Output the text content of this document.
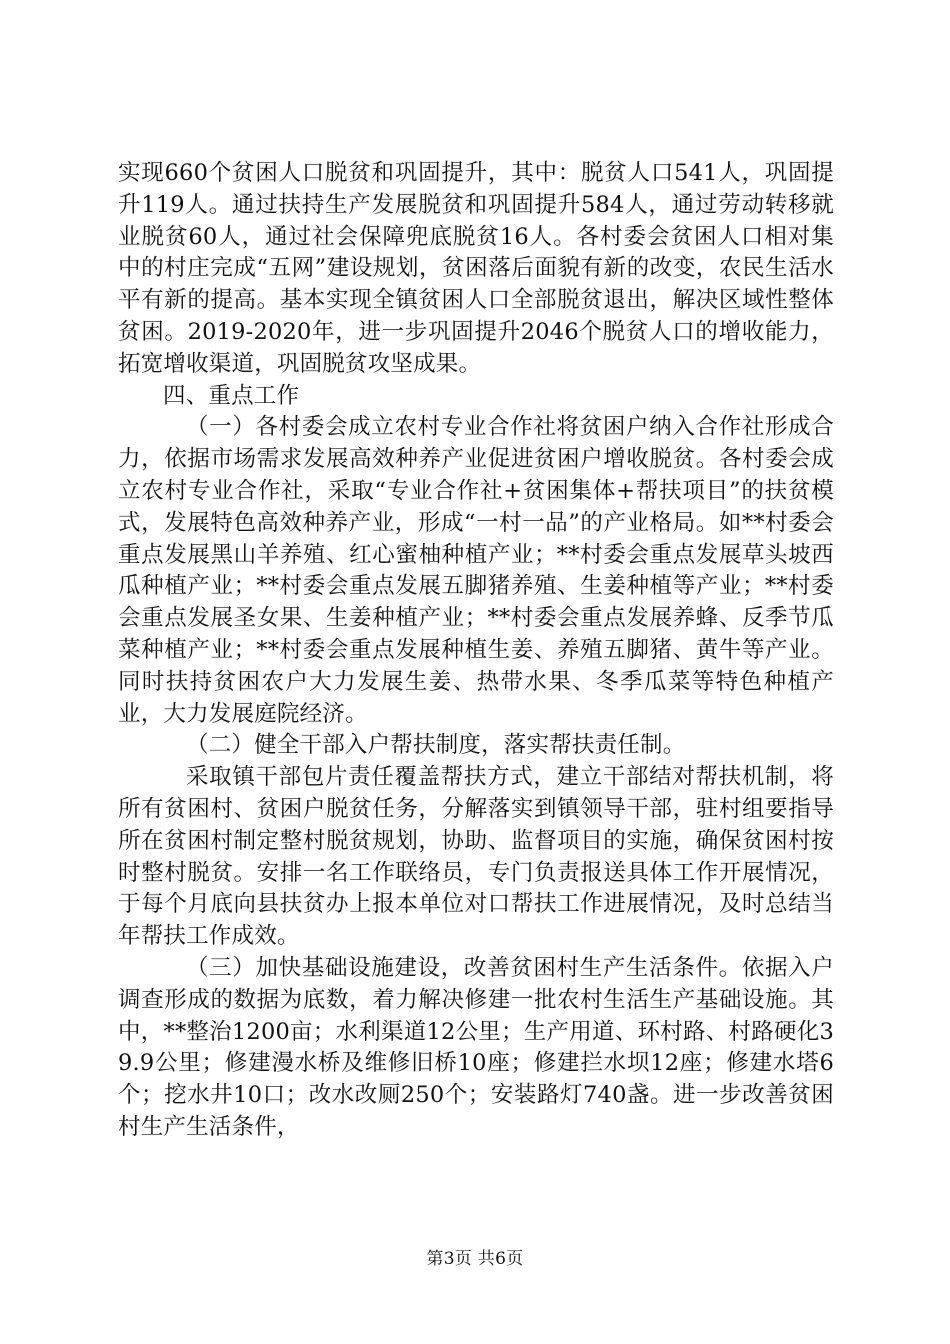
实现660个贫困人口脱贫和巩固提升，其中：脱贫人口541人，巩固提升119人。通过扶持生产发展脱贫和巩固提升584人，通过劳动转移就业脱贫60人，通过社会保障兜底脱贫16人。各村委会贫困人口相对集中的村庄完成“五网”建设规划，贫困落后面貌有新的改变，农民生活水平有新的提高。基本实现全镇贫困人口全部脱贫退出，解决区域性整体贫困。2019-2020年，进一步巩固提升2046个脱贫人口的增收能力，拓宽增收渠道，巩固脱贫攻坚成果。

四、重点工作

（一）各村委会成立农村专业合作社将贫困户纳入合作社形成合力，依据市场需求发展高效种养产业促进贫困户增收脱贫。各村委会成立农村专业合作社，采取“专业合作社+贫困集体+帮扶项目”的扶贫模式，发展特色高效种养产业，形成“一村一品”的产业格局。如**村委会重点发展黑山羊养殖、红心蜜柚种植产业；**村委会重点发展草头坡西瓜种植产业；**村委会重点发展五脚猪养殖、生姜种植等产业；**村委会重点发展圣女果、生姜种植产业；**村委会重点发展养蜂、反季节瓜菜种植产业；**村委会重点发展种植生姜、养殖五脚猪、黄牛等产业。同时扶持贫困农户大力发展生姜、热带水果、冬季瓜菜等特色种植产业，大力发展庭院经济。

（二）健全干部入户帮扶制度，落实帮扶责任制。

采取镇干部包片责任覆盖帮扶方式，建立干部结对帮扶机制，将所有贫困村、贫困户脱贫任务，分解落实到镇领导干部，驻村组要指导所在贫困村制定整村脱贫规划，协助、监督项目的实施，确保贫困村按时整村脱贫。安排一名工作联络员，专门负责报送具体工作开展情况，于每个月底向县扶贫办上报本单位对口帮扶工作进展情况，及时总结当年帮扶工作成效。

（三）加快基础设施建设，改善贫困村生产生活条件。依据入户调查形成的数据为底数，着力解决修建一批农村生活生产基础设施。其中，**整治1200亩；水利渠道12公里；生产用道、环村路、村路硬化39.9公里；修建漫水桥及维修旧桥10座；修建拦水坝12座；修建水塔6个；挖水井10口；改水改厕250个；安装路灯740盏。进一步改善贫困村生产生活条件，

第3页 共6页
